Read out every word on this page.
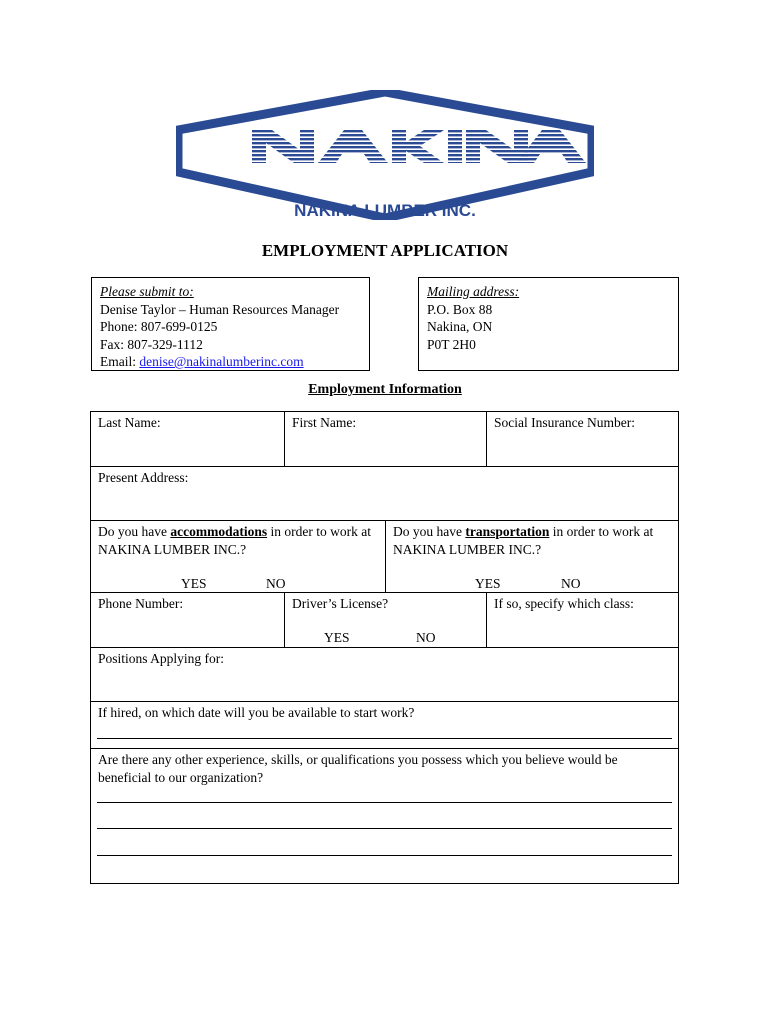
NAKINA LUMBER INC.
EMPLOYMENT APPLICATION
Please submit to:
Denise Taylor – Human Resources Manager
Phone: 807-699-0125
Fax: 807-329-1112
Email: denise@nakinalumberinc.com
Mailing address:
P.O. Box 88
Nakina, ON
P0T 2H0
Employment Information
Last Name:	First Name:	Social Insurance Number:
Present Address:
Do you have accommodations in order to work at NAKINA LUMBER INC.?
YES	NO
Do you have transportation in order to work at NAKINA LUMBER INC.?
YES	NO
Phone Number:	Driver’s License?
YES	NO
If so, specify which class:
Positions Applying for:
If hired, on which date will you be available to start work?
Are there any other experience, skills, or qualifications you possess which you believe would be beneficial to our organization?
